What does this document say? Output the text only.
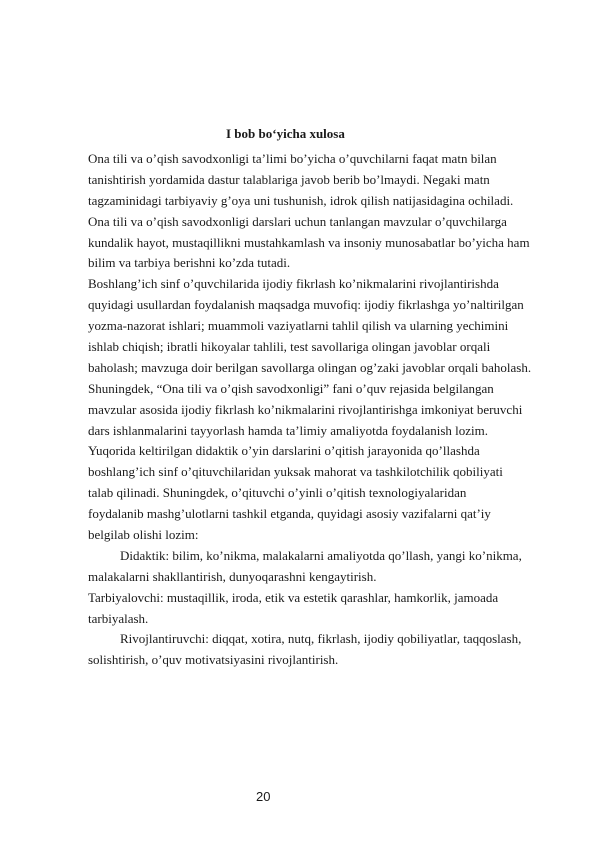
I bob bo‘yicha xulosa
Ona tili va o’qish savodxonligi ta’limi bo’yicha o’quvchilarni faqat matn bilan
tanishtirish yordamida dastur talablariga javob berib bo’lmaydi. Negaki matn
tagzaminidagi tarbiyaviy g’oya uni tushunish, idrok qilish natijasidagina ochiladi.
Ona tili va o’qish savodxonligi darslari uchun tanlangan mavzular o’quvchilarga
kundalik hayot, mustaqillikni mustahkamlash va insoniy munosabatlar bo’yicha ham
bilim va tarbiya berishni ko’zda tutadi.
Boshlang’ich sinf o’quvchilarida ijodiy fikrlash ko’nikmalarini rivojlantirishda
quyidagi usullardan foydalanish maqsadga muvofiq: ijodiy fikrlashga yo’naltirilgan
yozma-nazorat ishlari; muammoli vaziyatlarni tahlil qilish va ularning yechimini
ishlab chiqish; ibratli hikoyalar tahlili, test savollariga olingan javoblar orqali
baholash; mavzuga doir berilgan savollarga olingan og’zaki javoblar orqali baholash.
Shuningdek, “Ona tili va o’qish savodxonligi” fani o’quv rejasida belgilangan
mavzular asosida ijodiy fikrlash ko’nikmalarini rivojlantirishga imkoniyat beruvchi
dars ishlanmalarini tayyorlash hamda ta’limiy amaliyotda foydalanish lozim.
Yuqorida keltirilgan didaktik o’yin darslarini o’qitish jarayonida qo’llashda
boshlang’ich sinf o’qituvchilaridan yuksak mahorat va tashkilotchilik qobiliyati
talab qilinadi. Shuningdek, o’qituvchi o’yinli o’qitish texnologiyalaridan
foydalanib mashg’ulotlarni tashkil etganda, quyidagi asosiy vazifalarni qat’iy
belgilab olishi lozim:
Didaktik: bilim, ko’nikma, malakalarni amaliyotda qo’llash, yangi ko’nikma,
malakalarni shakllantirish, dunyoqarashni kengaytirish.
Tarbiyalovchi: mustaqillik, iroda, etik va estetik qarashlar, hamkorlik, jamoada
tarbiyalash.
Rivojlantiruvchi: diqqat, xotira, nutq, fikrlash, ijodiy qobiliyatlar, taqqoslash,
solishtirish, o’quv motivatsiyasini rivojlantirish.
20
